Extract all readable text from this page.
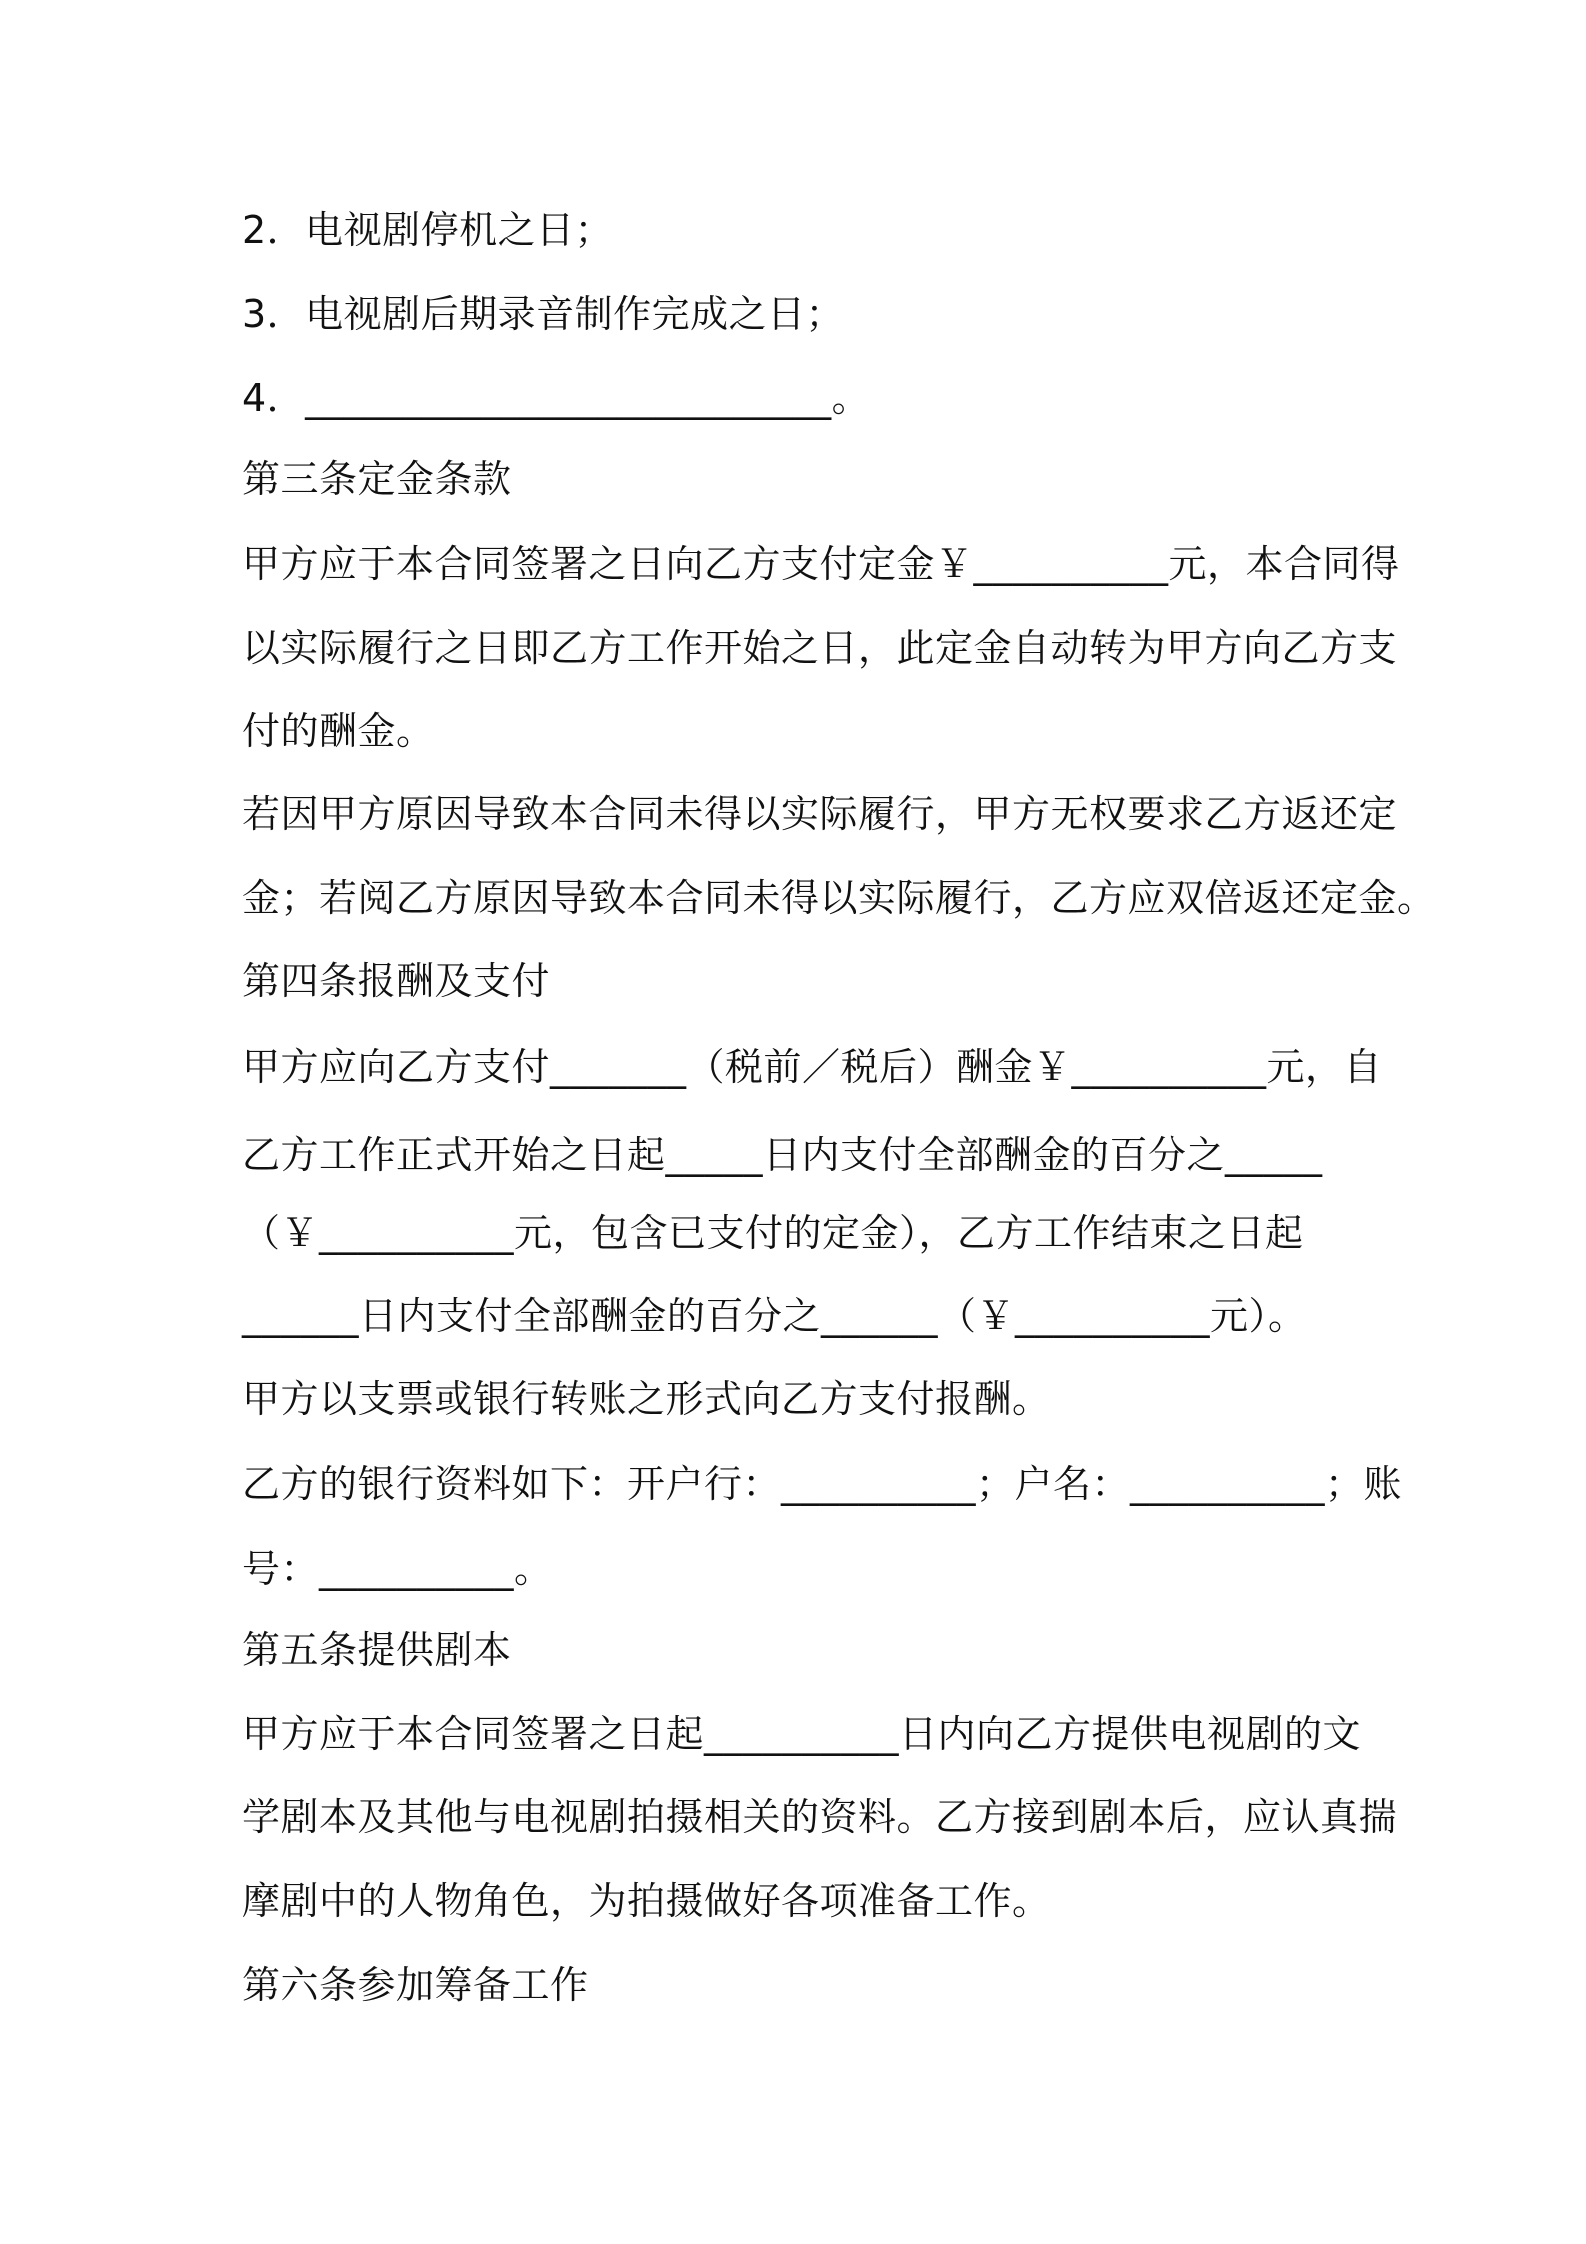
2．电视剧停机之日；
3．电视剧后期录音制作完成之日；
4．___________________________。
第三条定金条款
甲方应于本合同签署之日向乙方支付定金￥__________元，本合同得
以实际履行之日即乙方工作开始之日，此定金自动转为甲方向乙方支
付的酬金。
若因甲方原因导致本合同未得以实际履行，甲方无权要求乙方返还定
金；若阅乙方原因导致本合同未得以实际履行，乙方应双倍返还定金。
第四条报酬及支付
甲方应向乙方支付_______（税前／税后）酬金￥__________元，自
乙方工作正式开始之日起_____日内支付全部酬金的百分之_____
（￥__________元，包含已支付的定金），乙方工作结束之日起
______日内支付全部酬金的百分之______（￥__________元）。
甲方以支票或银行转账之形式向乙方支付报酬。
乙方的银行资料如下：开户行：__________；户名：__________；账
号：__________。
第五条提供剧本
甲方应于本合同签署之日起__________日内向乙方提供电视剧的文
学剧本及其他与电视剧拍摄相关的资料。乙方接到剧本后，应认真揣
摩剧中的人物角色，为拍摄做好各项准备工作。
第六条参加筹备工作
